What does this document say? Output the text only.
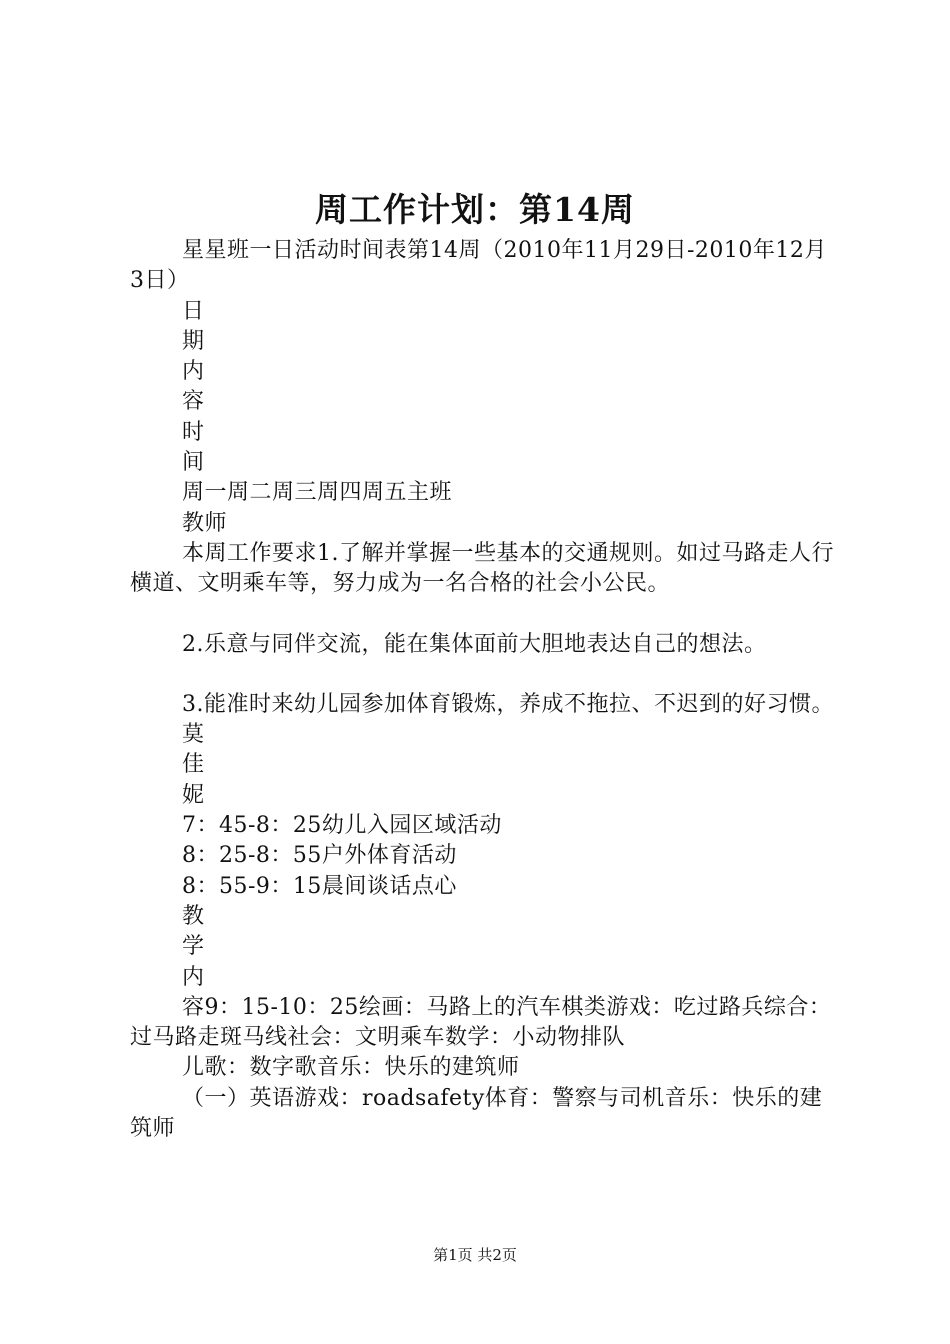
周工作计划：第14周

星星班一日活动时间表第14周（2010年11月29日-2010年12月3日）

日

期

内

容

时

间

周一周二周三周四周五主班

教师

本周工作要求1.了解并掌握一些基本的交通规则。如过马路走人行横道、文明乘车等，努力成为一名合格的社会小公民。

2.乐意与同伴交流，能在集体面前大胆地表达自己的想法。

3.能准时来幼儿园参加体育锻炼，养成不拖拉、不迟到的好习惯。

莫

佳

妮

7：45-8：25幼儿入园区域活动

8：25-8：55户外体育活动

8：55-9：15晨间谈话点心

教

学

内

容9：15-10：25绘画：马路上的汽车棋类游戏：吃过路兵综合：过马路走斑马线社会：文明乘车数学：小动物排队

儿歌：数字歌音乐：快乐的建筑师

（一）英语游戏：roadsafety体育：警察与司机音乐：快乐的建筑师

第1页 共2页
